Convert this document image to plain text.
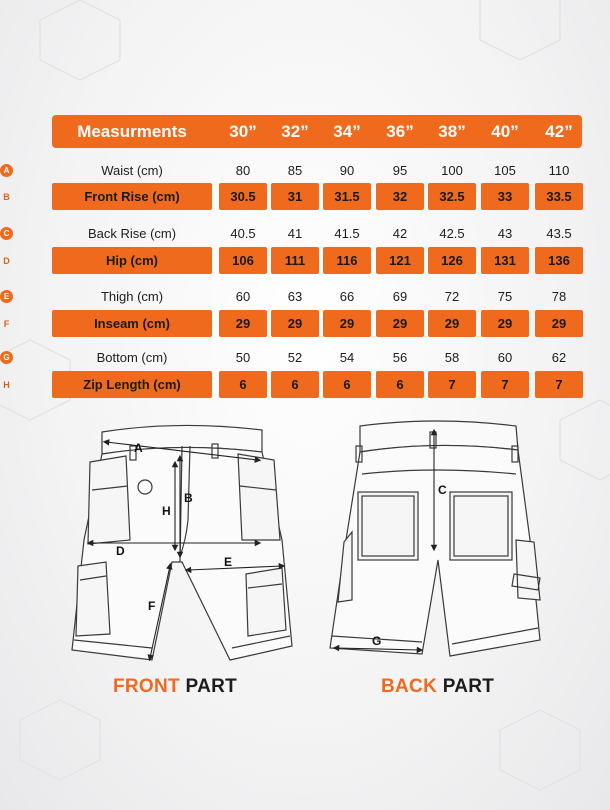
Measurments	30”	32”	34”	36”	38”	40”	42”
A	Waist (cm)	80	85	90	95	100	105	110
B	Front Rise (cm)	30.5	31	31.5	32	32.5	33	33.5
C	Back Rise (cm)	40.5	41	41.5	42	42.5	43	43.5
D	Hip (cm)	106	111	116	121	126	131	136
E	Thigh (cm)	60	63	66	69	72	75	78
F	Inseam (cm)	29	29	29	29	29	29	29
G	Bottom (cm)	50	52	54	56	58	60	62
H	Zip Length (cm)	6	6	6	6	7	7	7
A
B
H
D
E
F
C
G
FRONT PART	BACK PART
